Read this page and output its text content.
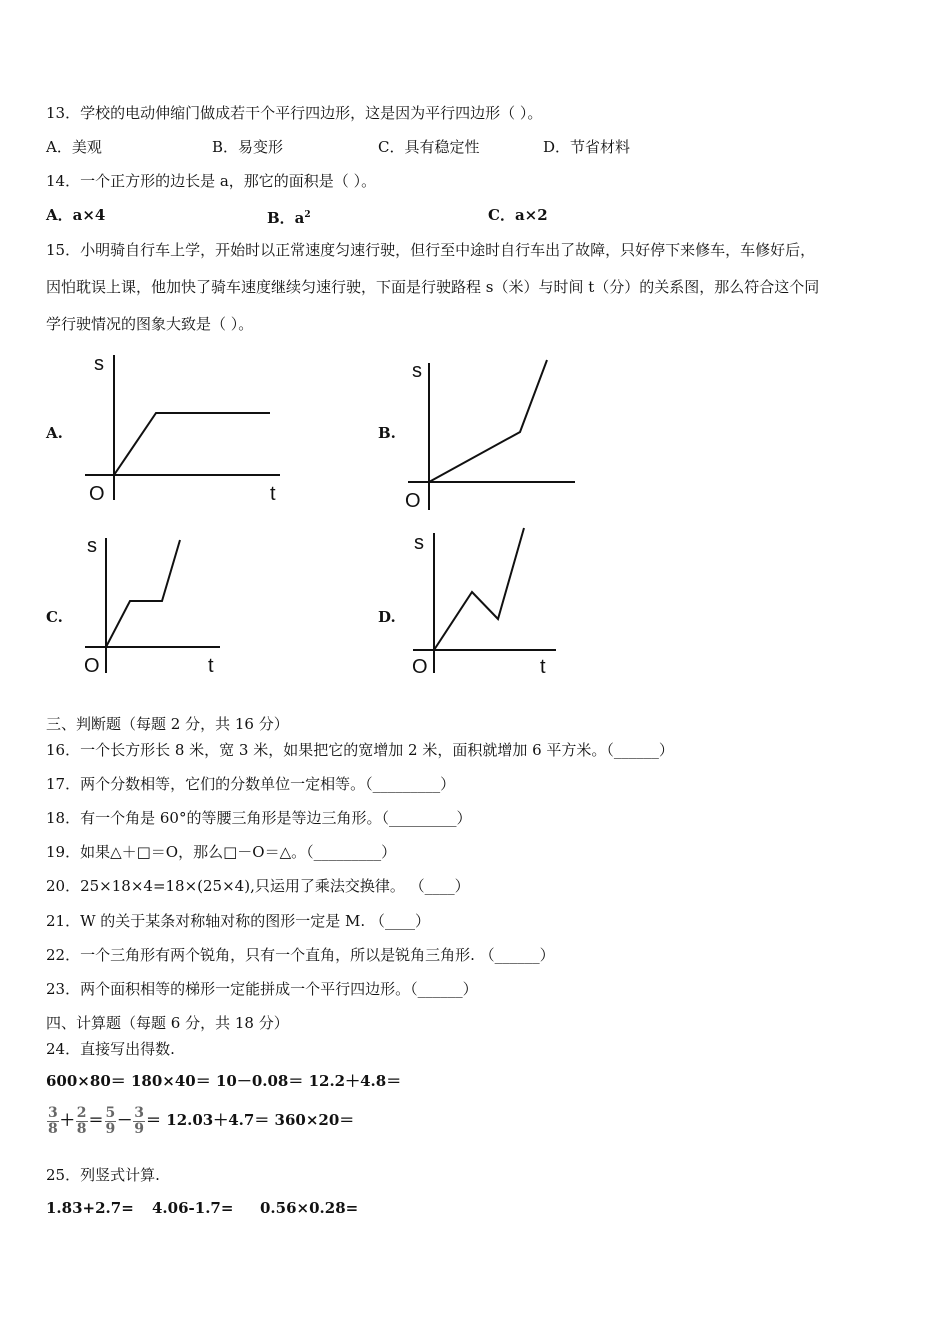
13．学校的电动伸缩门做成若干个平行四边形，这是因为平行四边形（ ）。
A．美观	B．易变形	C．具有稳定性	D．节省材料
14．一个正方形的边长是 a，那它的面积是（ ）。
A．a×4	B．$a^2$	C．a×2
15．小明骑自行车上学，开始时以正常速度匀速行驶，但行至中途时自行车出了故障，只好停下来修车，车修好后，
因怕耽误上课，他加快了骑车速度继续匀速行驶，下面是行驶路程 s（米）与时间 t（分）的关系图，那么符合这个同
学行驶情况的图象大致是（ ）。
A.
s
O	t
B.
s
O
C.
s
O	t
D.
s
O	t
三、判断题（每题 2 分，共 16 分）
16．一个长方形长 8 米，宽 3 米，如果把它的宽增加 2 米，面积就增加 6 平方米。（______）
17．两个分数相等，它们的分数单位一定相等。（_________）
18．有一个角是 60°的等腰三角形是等边三角形。（_________）
19．如果△＋□＝O，那么□－O＝△。（_________）
20．25×18×4=18×(25×4),只运用了乘法交换律。 （____）
21．W 的关于某条对称轴对称的图形一定是 M. （____）
22．一个三角形有两个锐角，只有一个直角，所以是锐角三角形. （______）
23．两个面积相等的梯形一定能拼成一个平行四边形。（______）
四、计算题（每题 6 分，共 18 分）
24．直接写出得数.
600×80＝ 180×40＝ 10－0.08＝ 12.2＋4.8＝
$\frac{3}{8} + \frac{2}{8} = \frac{5}{9} - \frac{3}{9} = 12.03+4.7= 360\times 20=$
25．列竖式计算.
1.83+2.7= 4.06-1.7= 0.56×0.28=
